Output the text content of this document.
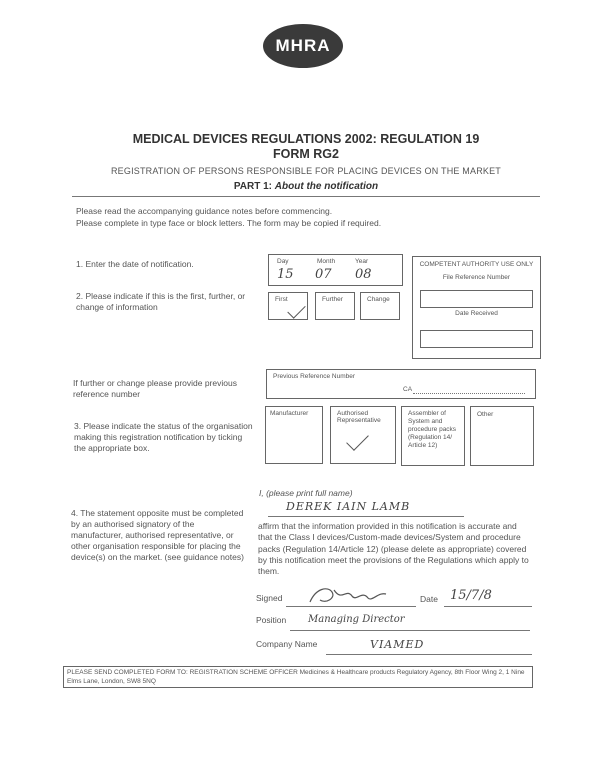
MHRA
MEDICAL DEVICES REGULATIONS 2002: REGULATION 19
FORM RG2
REGISTRATION OF PERSONS RESPONSIBLE FOR PLACING DEVICES ON THE MARKET
PART 1: About the notification
Please read the accompanying guidance notes before commencing.
Please complete in type face or block letters. The form may be copied if required.
1. Enter the date of notification.	Day	Month	Year
15 07 08
COMPETENT AUTHORITY USE ONLY
File Reference Number
Date Received
2. Please indicate if this is the first, further, or change of information
First	Further	Change
If further or change please provide previous reference number
Previous Reference Number
CA
3. Please indicate the status of the organisation making this registration notification by ticking the appropriate box.
Manufacturer	Authorised Representative
Assembler of System and procedure packs (Regulation 14/ Article 12)
Other
4. The statement opposite must be completed by an authorised signatory of the manufacturer, authorised representative, or other organisation responsible for placing the device(s) on the market. (see guidance notes)
I, (please print full name)
DEREK IAIN LAMB
affirm that the information provided in this notification is accurate and that the Class I devices/Custom-made devices/System and procedure packs (Regulation 14/Article 12) (please delete as appropriate) covered by this notification meet the provisions of the Regulations which apply to them.
Signed	Date 15/7/8
Position Managing Director
Company Name	VIAMED
PLEASE SEND COMPLETED FORM TO: REGISTRATION SCHEME OFFICER Medicines & Healthcare products Regulatory Agency, 8th Floor Wing 2, 1 Nine Elms Lane, London, SW8 5NQ
